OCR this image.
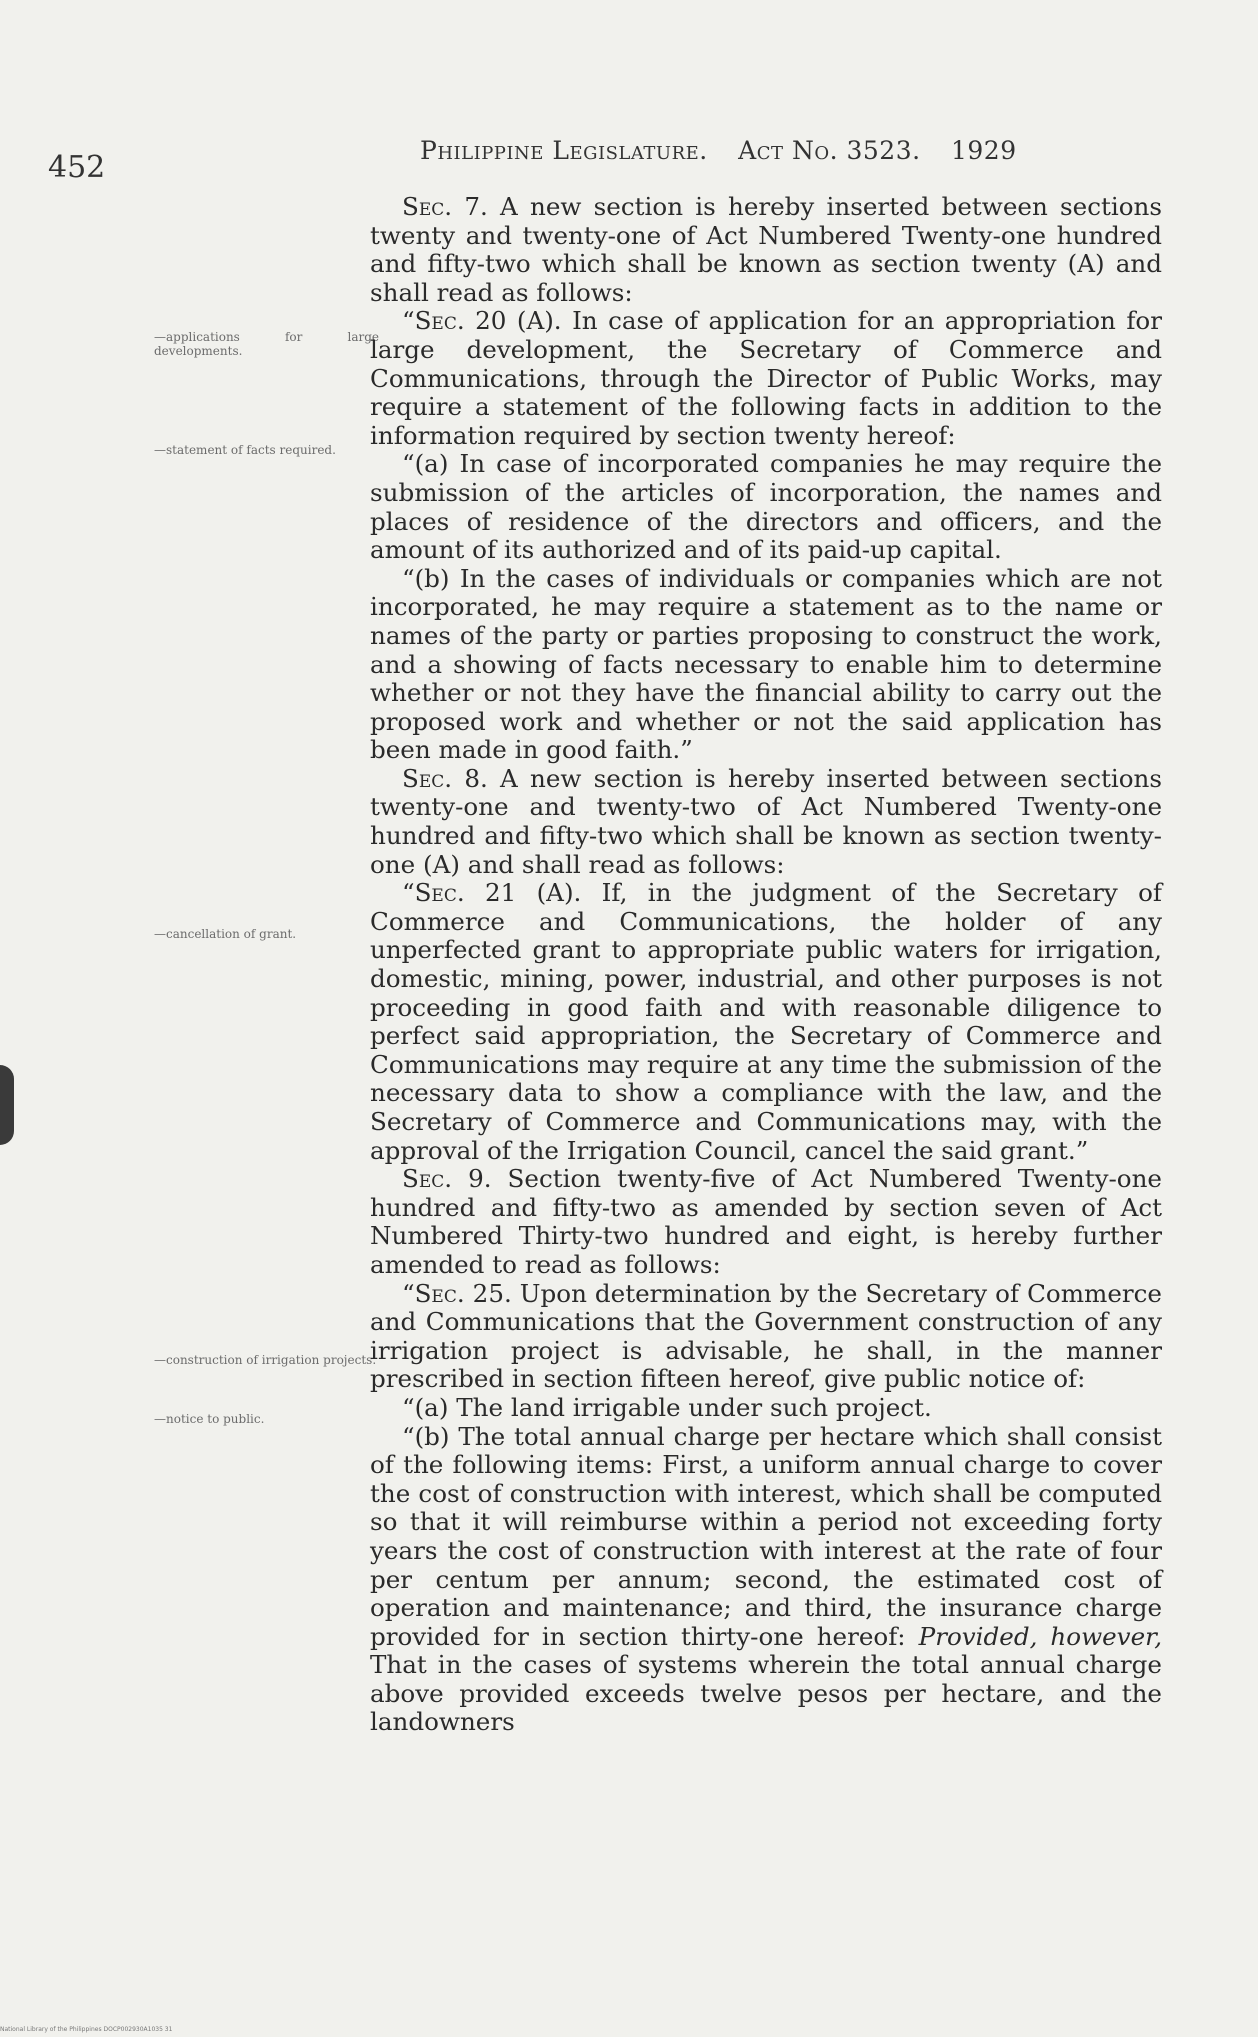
452	Philippine Legislature. Act No. 3523. 1929
—applications for large developments.
—statement of facts required.
—cancellation of grant.
—construction of irrigation projects.
—notice to public.

Sec. 7. A new section is hereby inserted between sections twenty and twenty-one of Act Numbered Twenty-one hundred and fifty-two which shall be known as section twenty (A) and shall read as follows:

“Sec. 20 (A). In case of application for an appropriation for large development, the Secretary of Commerce and Communications, through the Director of Public Works, may require a statement of the following facts in addition to the information required by section twenty hereof:

“(a) In case of incorporated companies he may require the submission of the articles of incorporation, the names and places of residence of the directors and officers, and the amount of its authorized and of its paid-up capital.

“(b) In the cases of individuals or companies which are not incorporated, he may require a statement as to the name or names of the party or parties proposing to construct the work, and a showing of facts necessary to enable him to determine whether or not they have the financial ability to carry out the proposed work and whether or not the said application has been made in good faith.”

Sec. 8. A new section is hereby inserted between sections twenty-one and twenty-two of Act Numbered Twenty-one hundred and fifty-two which shall be known as section twenty-one (A) and shall read as follows:

“Sec. 21 (A). If, in the judgment of the Secretary of Commerce and Communications, the holder of any unperfected grant to appropriate public waters for irrigation, domestic, mining, power, industrial, and other purposes is not proceeding in good faith and with reasonable diligence to perfect said appropriation, the Secretary of Commerce and Communications may require at any time the submission of the necessary data to show a compliance with the law, and the Secretary of Commerce and Communications may, with the approval of the Irrigation Council, cancel the said grant.”

Sec. 9. Section twenty-five of Act Numbered Twenty-one hundred and fifty-two as amended by section seven of Act Numbered Thirty-two hundred and eight, is hereby further amended to read as follows:

“Sec. 25. Upon determination by the Secretary of Commerce and Communications that the Government construction of any irrigation project is advisable, he shall, in the manner prescribed in section fifteen hereof, give public notice of:

“(a) The land irrigable under such project.

“(b) The total annual charge per hectare which shall consist of the following items: First, a uniform annual charge to cover the cost of construction with interest, which shall be computed so that it will reimburse within a period not exceeding forty years the cost of construction with interest at the rate of four per centum per annum; second, the estimated cost of operation and maintenance; and third, the insurance charge provided for in section thirty-one hereof: Provided, however, That in the cases of systems wherein the total annual charge above provided exceeds twelve pesos per hectare, and the landowners

National Library of the Philippines DOCP002930A1035 31
